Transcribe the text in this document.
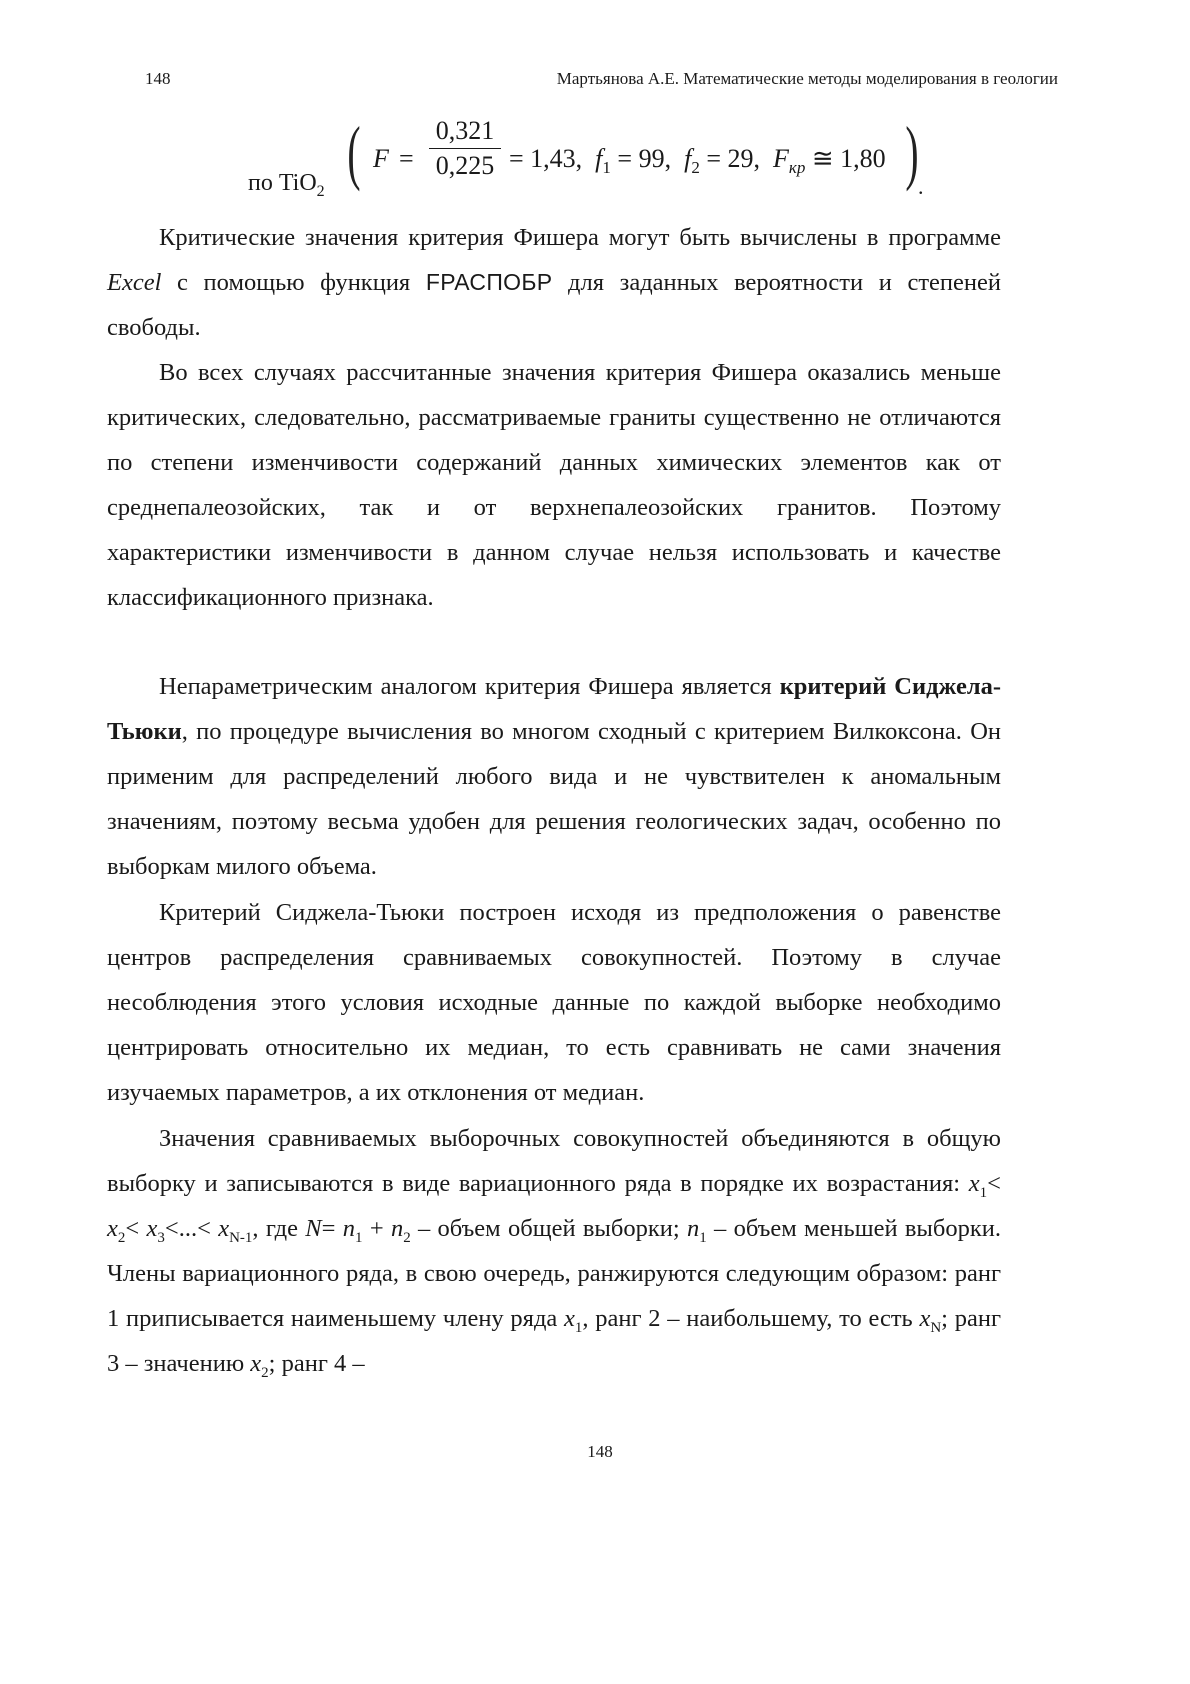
148	Мартьянова А.Е. Математические методы моделирования в геологии
по TiO$_2$ ( F =
0,321
0,225 = 1,43, $f_1 = 99$, $f_2 = 29$, $F_{кр}$ ≅ 1,80 ) .

Критические значения критерия Фишера могут быть вычислены в программе Excel с помощью функция FРАСПОБР для заданных вероятности и степеней свободы.

Во всех случаях рассчитанные значения критерия Фишера оказались меньше критических, следовательно, рассматриваемые граниты существенно не отличаются по степени изменчивости содержаний данных химических элементов как от среднепалеозойских, так и от верхнепалеозойских гранитов. Поэтому характеристики изменчивости в данном случае нельзя использовать и качестве классификационного признака.

Непараметрическим аналогом критерия Фишера является критерий Сиджела-Тьюки, по процедуре вычисления во многом сходный с критерием Вилкоксона. Он применим для распределений любого вида и не чувствителен к аномальным значениям, поэтому весьма удобен для решения геологических задач, особенно по выборкам милого объема.

Критерий Сиджела-Тьюки построен исходя из предположения о равенстве центров распределения сравниваемых совокупностей. Поэтому в случае несоблюдения этого условия исходные данные по каждой выборке необходимо центрировать относительно их медиан, то есть сравнивать не сами значения изучаемых параметров, а их отклонения от медиан.

Значения сравниваемых выборочных совокупностей объединяются в общую выборку и записываются в виде вариационного ряда в порядке их возрастания: $x_1< x_2< x_3<...< x_{N-1}$, где $N= n_1 + n_2$ – объем общей выборки; $n_1$ – объем меньшей выборки. Члены вариационного ряда, в свою очередь, ранжируются следующим образом: ранг 1 приписывается наименьшему члену ряда $x_1$, ранг 2 – наибольшему, то есть $x_N$; ранг 3 – значению $x_2$; ранг 4 –

148
